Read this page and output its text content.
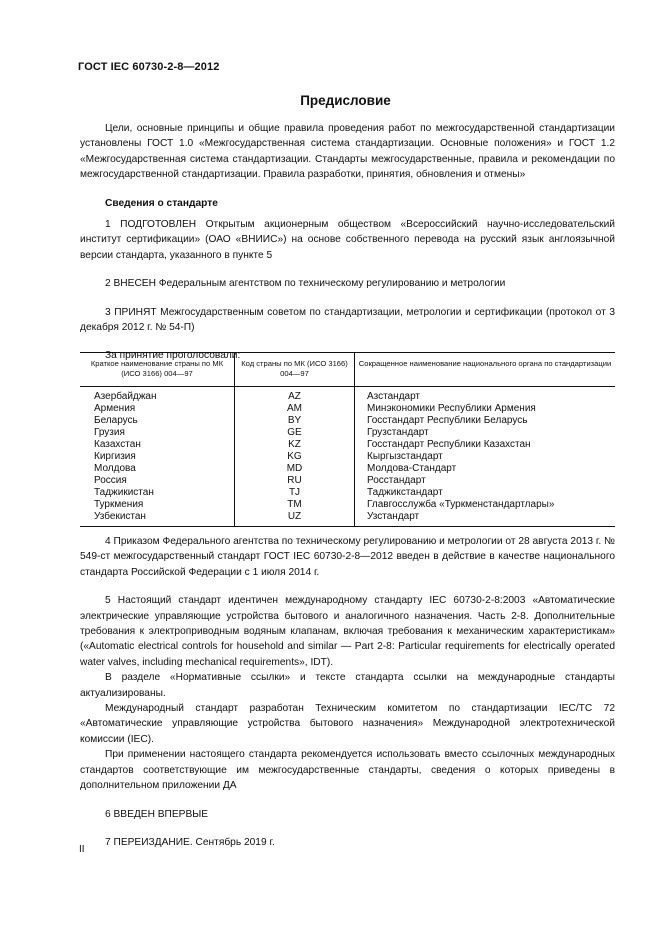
ГОСТ IEC 60730-2-8—2012
Предисловие

Цели, основные принципы и общие правила проведения работ по межгосударственной стандартизации установлены ГОСТ 1.0 «Межгосударственная система стандартизации. Основные положения» и ГОСТ 1.2 «Межгосударственная система стандартизации. Стандарты межгосударственные, правила и рекомендации по межгосударственной стандартизации. Правила разработки, принятия, обновления и отмены»

Сведения о стандарте

1 ПОДГОТОВЛЕН Открытым акционерным обществом «Всероссийский научно-исследовательский институт сертификации» (ОАО «ВНИИС») на основе собственного перевода на русский язык англоязычной версии стандарта, указанного в пункте 5

2 ВНЕСЕН Федеральным агентством по техническому регулированию и метрологии

3 ПРИНЯТ Межгосударственным советом по стандартизации, метрологии и сертификации (протокол от 3 декабря 2012 г. № 54-П)

За принятие проголосовали:

Краткое наименование страны по МК (ИСО 3166) 004—97	Код страны по МК (ИСО 3166) 004—97	Сокращенное наименование национального органа по стандартизации
Азербайджан	AZ	Азстандарт
Армения	AM	Минэкономики Республики Армения
Беларусь	BY	Госстандарт Республики Беларусь
Грузия	GE	Грузстандарт
Казахстан	KZ	Госстандарт Республики Казахстан
Киргизия	KG	Кыргызстандарт
Молдова	MD	Молдова-Стандарт
Россия	RU	Росстандарт
Таджикистан	TJ	Таджикстандарт
Туркмения	TM	Главгосслужба «Туркменстандартлары»
Узбекистан	UZ	Узстандарт

4 Приказом Федерального агентства по техническому регулированию и метрологии от 28 августа 2013 г. № 549-ст межгосударственный стандарт ГОСТ IEC 60730-2-8—2012 введен в действие в качестве национального стандарта Российской Федерации с 1 июля 2014 г.

5 Настоящий стандарт идентичен международному стандарту IEC 60730-2-8:2003 «Автоматические электрические управляющие устройства бытового и аналогичного назначения. Часть 2-8. Дополнительные требования к электроприводным водяным клапанам, включая требования к механическим характеристикам» («Automatic electrical controls for household and similar — Part 2-8: Particular requirements for electrically operated water valves, including mechanical requirements», IDT).

В разделе «Нормативные ссылки» и тексте стандарта ссылки на международные стандарты актуализированы.

Международный стандарт разработан Техническим комитетом по стандартизации IEC/TC 72 «Автоматические управляющие устройства бытового назначения» Международной электротехнической комиссии (IEC).

При применении настоящего стандарта рекомендуется использовать вместо ссылочных международных стандартов соответствующие им межгосударственные стандарты, сведения о которых приведены в дополнительном приложении ДА

6 ВВЕДЕН ВПЕРВЫЕ

7 ПЕРЕИЗДАНИЕ. Сентябрь 2019 г.

II
